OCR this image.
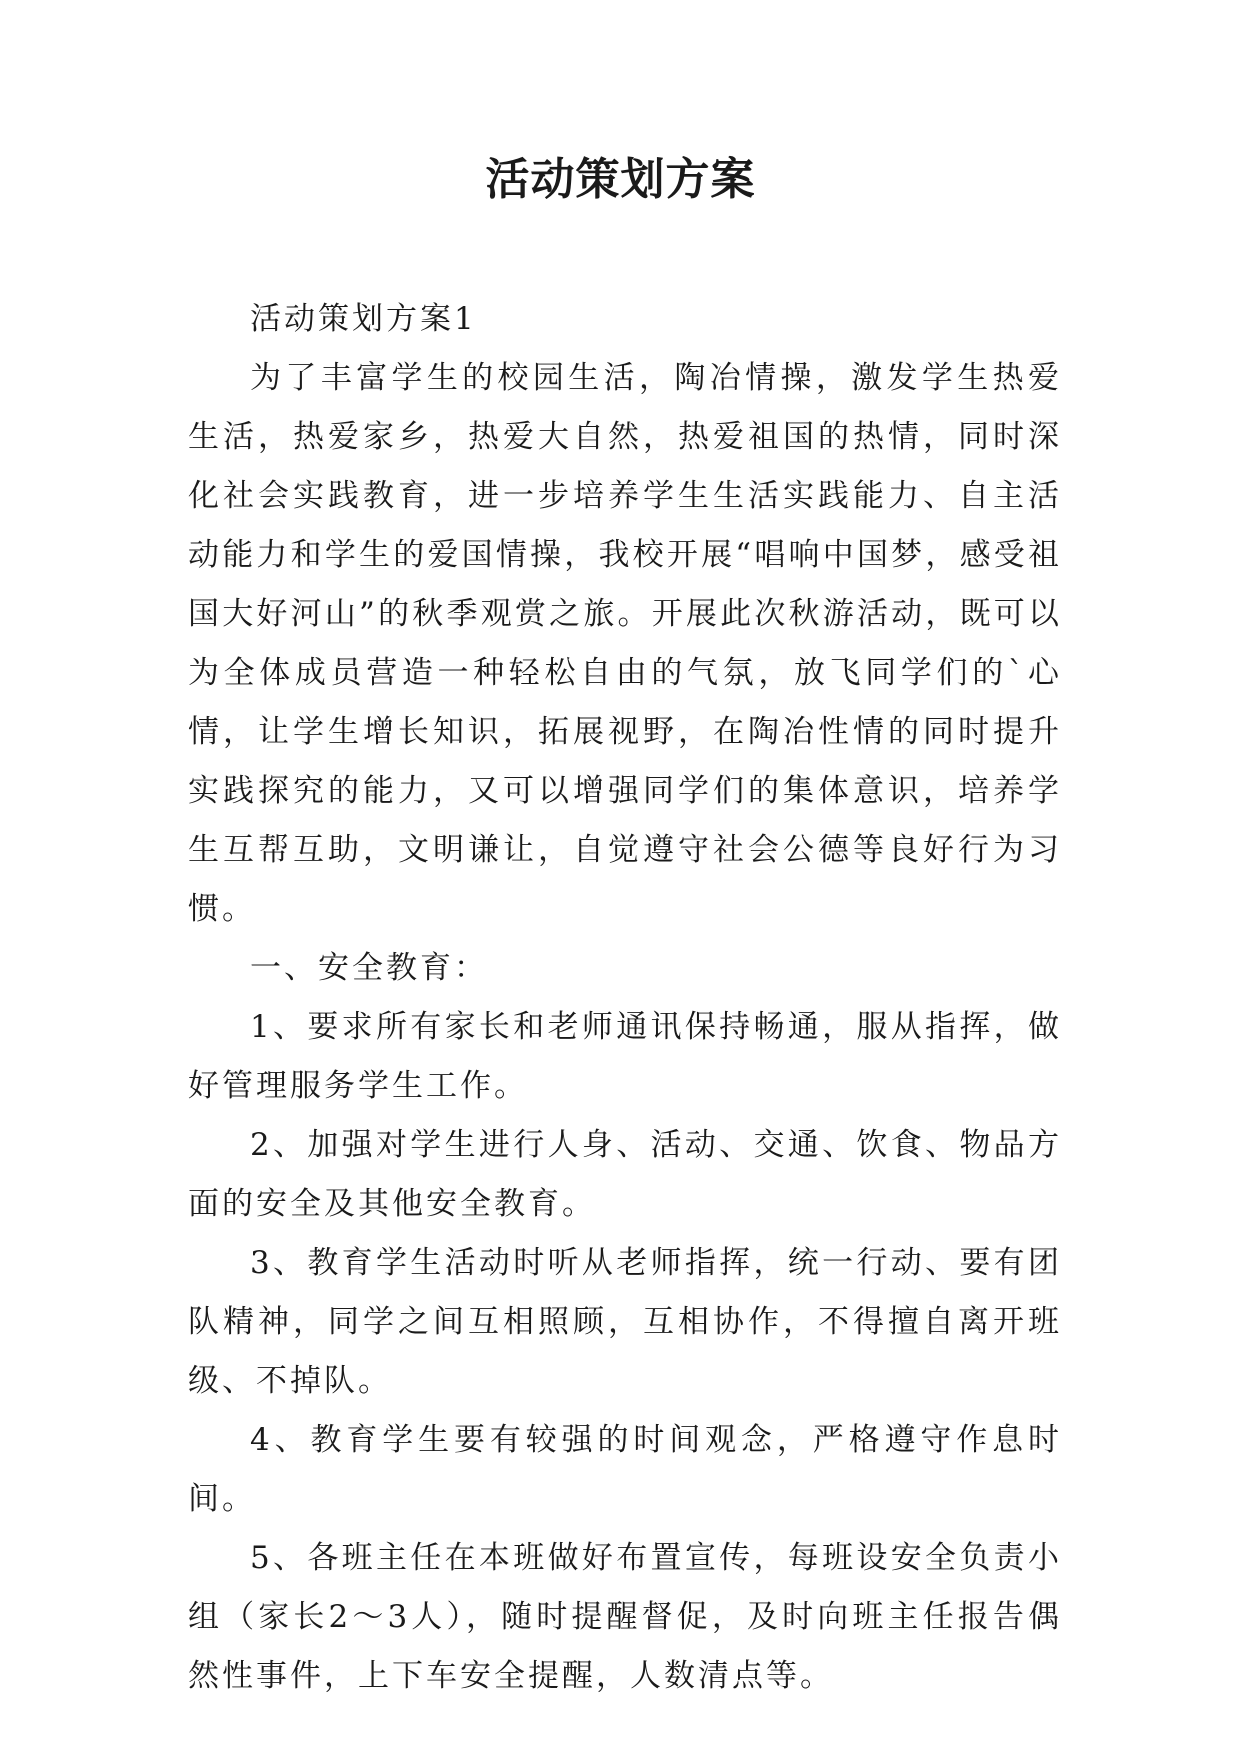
活动策划方案

活动策划方案1

为了丰富学生的校园生活，陶冶情操，激发学生热爱生活，热爱家乡，热爱大自然，热爱祖国的热情，同时深化社会实践教育，进一步培养学生生活实践能力、自主活动能力和学生的爱国情操，我校开展“唱响中国梦，感受祖国大好河山”的秋季观赏之旅。开展此次秋游活动，既可以为全体成员营造一种轻松自由的气氛，放飞同学们的`心情，让学生增长知识，拓展视野，在陶冶性情的同时提升实践探究的能力，又可以增强同学们的集体意识，培养学生互帮互助，文明谦让，自觉遵守社会公德等良好行为习惯。

一、安全教育：

1、要求所有家长和老师通讯保持畅通，服从指挥，做好管理服务学生工作。

2、加强对学生进行人身、活动、交通、饮食、物品方面的安全及其他安全教育。

3、教育学生活动时听从老师指挥，统一行动、要有团队精神，同学之间互相照顾，互相协作，不得擅自离开班级、不掉队。

4、教育学生要有较强的时间观念，严格遵守作息时间。

5、各班主任在本班做好布置宣传，每班设安全负责小组（家长2～3人），随时提醒督促，及时向班主任报告偶然性事件，上下车安全提醒，人数清点等。
